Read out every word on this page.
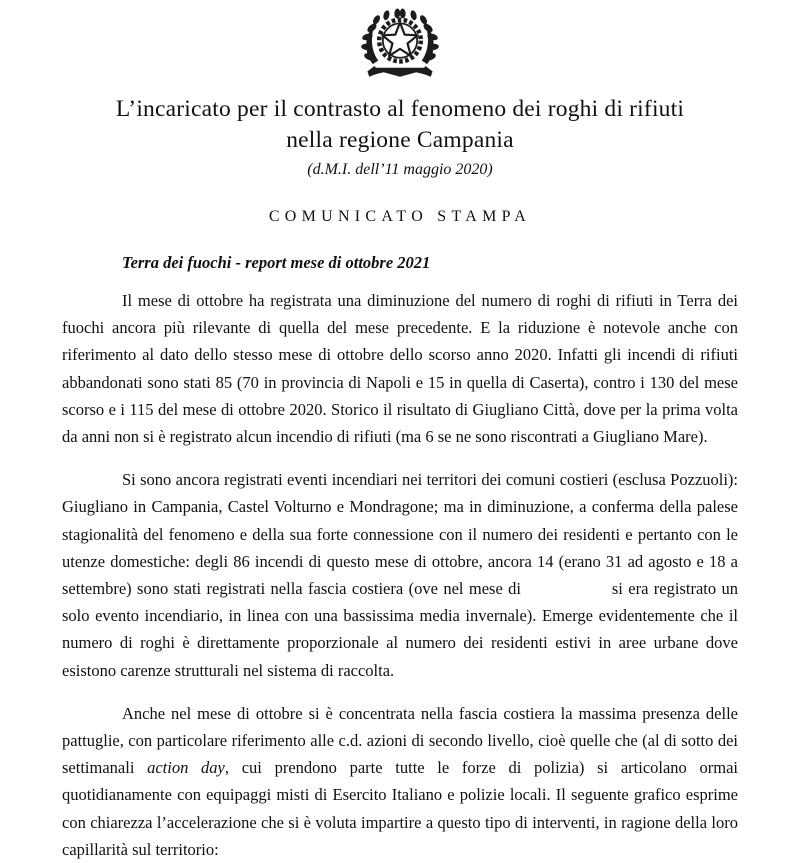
L’incaricato per il contrasto al fenomeno dei roghi di rifiuti
nella regione Campania
(d.M.I. dell’11 maggio 2020)
COMUNICATO STAMPA
Terra dei fuochi - report mese di ottobre 2021

Il mese di ottobre ha registrata una diminuzione del numero di roghi di rifiuti in Terra dei fuochi ancora più rilevante di quella del mese precedente. E la riduzione è notevole anche con riferimento al dato dello stesso mese di ottobre dello scorso anno 2020. Infatti gli incendi di rifiuti abbandonati sono stati 85 (70 in provincia di Napoli e 15 in quella di Caserta), contro i 130 del mese scorso e i 115 del mese di ottobre 2020. Storico il risultato di Giugliano Città, dove per la prima volta da anni non si è registrato alcun incendio di rifiuti (ma 6 se ne sono riscontrati a Giugliano Mare).

Si sono ancora registrati eventi incendiari nei territori dei comuni costieri (esclusa Pozzuoli): Giugliano in Campania, Castel Volturno e Mondragone; ma in diminuzione, a conferma della palese stagionalità del fenomeno e della sua forte connessione con il numero dei residenti e pertanto con le utenze domestiche: degli 86 incendi di questo mese di ottobre, ancora 14 (erano 31 ad agosto e 18 a settembre) sono stati registrati nella fascia costiera (ove nel mese di	si era registrato un solo evento incendiario, in linea con una bassissima media invernale). Emerge evidentemente che il numero di roghi è direttamente proporzionale al numero dei residenti estivi in aree urbane dove esistono carenze strutturali nel sistema di raccolta.

Anche nel mese di ottobre si è concentrata nella fascia costiera la massima presenza delle pattuglie, con particolare riferimento alle c.d. azioni di secondo livello, cioè quelle che (al di sotto dei settimanali action day, cui prendono parte tutte le forze di polizia) si articolano ormai quotidianamente con equipaggi misti di Esercito Italiano e polizie locali. Il seguente grafico esprime con chiarezza l’accelerazione che si è voluta impartire a questo tipo di interventi, in ragione della loro capillarità sul territorio:
